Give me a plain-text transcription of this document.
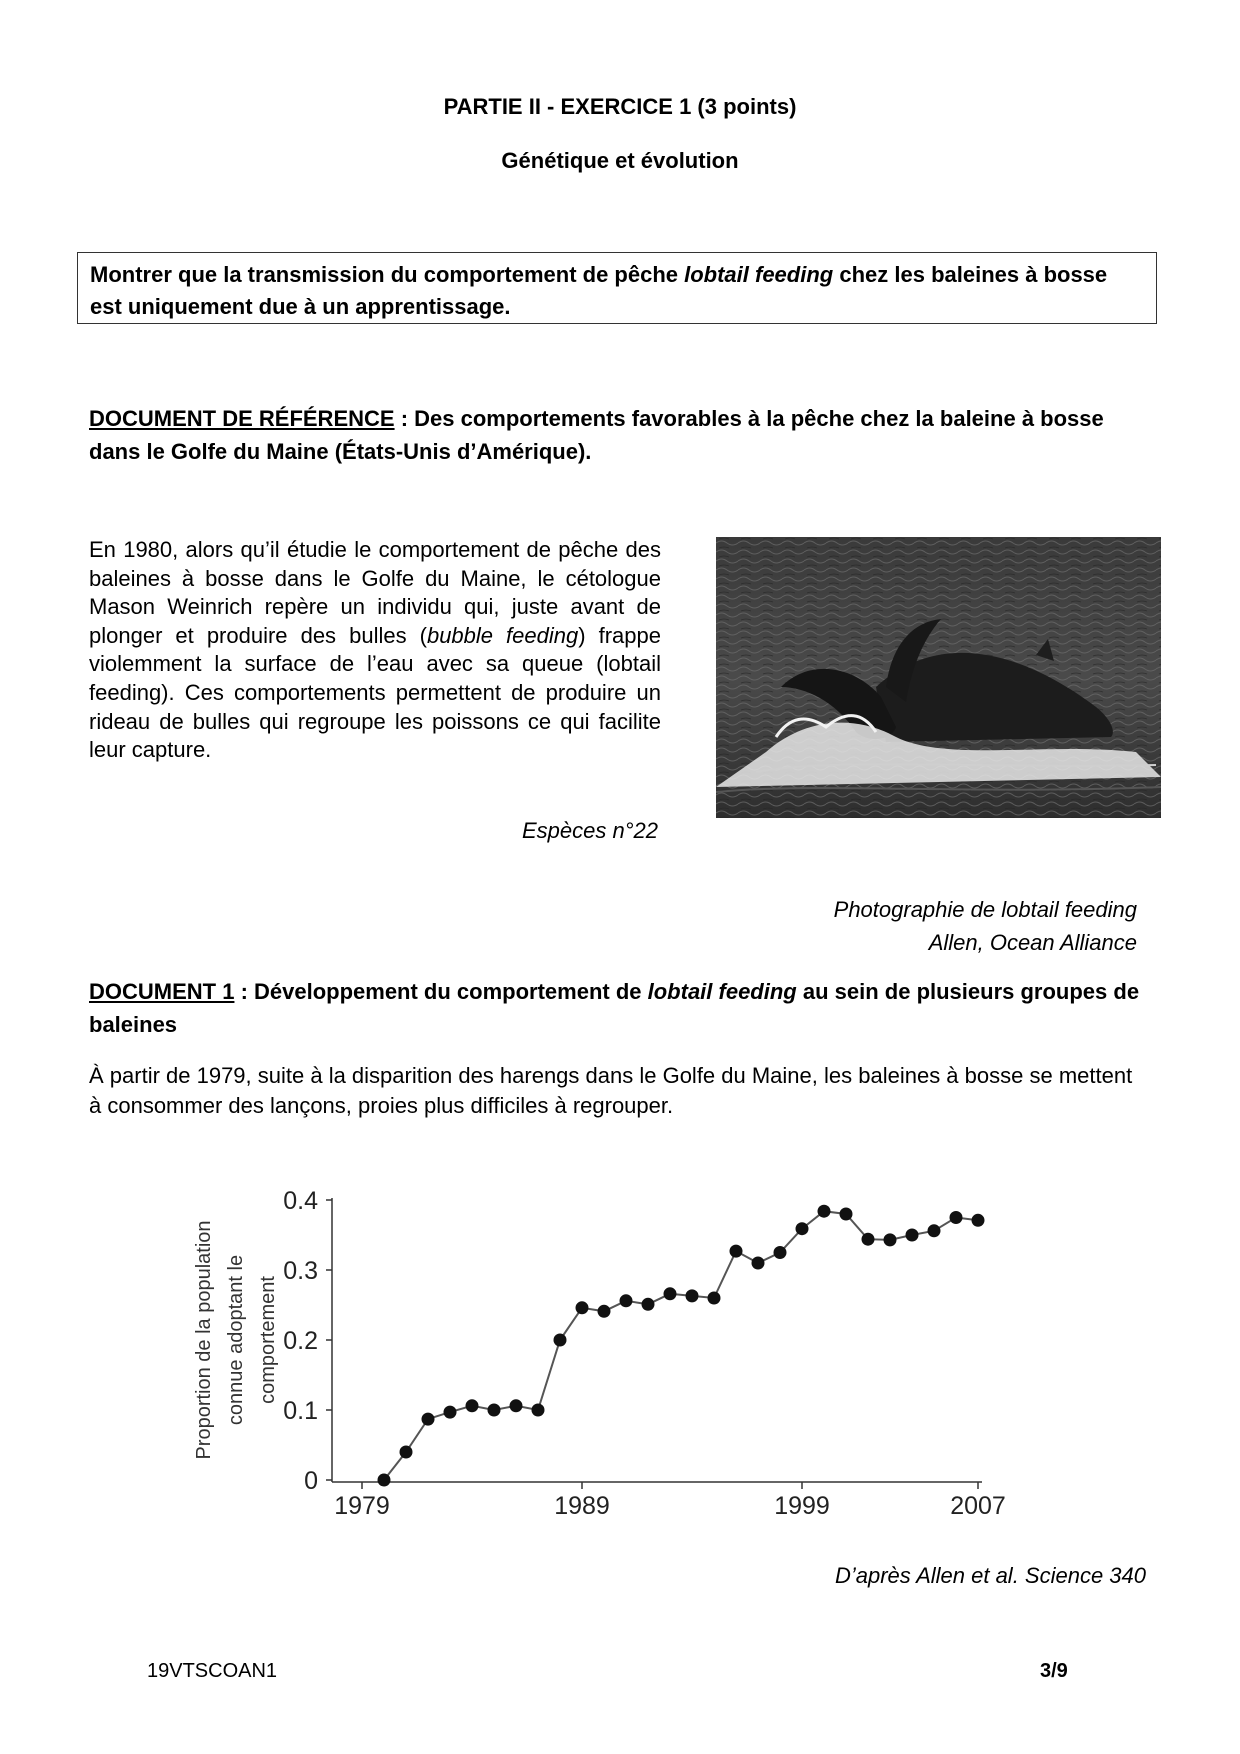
PARTIE II - EXERCICE 1 (3 points)
Génétique et évolution
Montrer que la transmission du comportement de pêche lobtail feeding chez les baleines à bosse est uniquement due à un apprentissage.
DOCUMENT DE RÉFÉRENCE : Des comportements favorables à la pêche chez la baleine à bosse dans le Golfe du Maine (États-Unis d’Amérique).
En 1980, alors qu’il étudie le comportement de pêche des baleines à bosse dans le Golfe du Maine, le cétologue Mason Weinrich repère un individu qui, juste avant de plonger et produire des bulles (bubble feeding) frappe violemment la surface de l’eau avec sa queue (lobtail feeding). Ces comportements permettent de produire un rideau de bulles qui regroupe les poissons ce qui facilite leur capture.
Espèces n°22
Photographie de lobtail feeding
Allen, Ocean Alliance
DOCUMENT 1 : Développement du comportement de lobtail feeding au sein de plusieurs groupes de baleines
À partir de 1979, suite à la disparition des harengs dans le Golfe du Maine, les baleines à bosse se mettent à consommer des lançons, proies plus difficiles à regrouper.
0
0.1
0.2
0.3
0.4
1979	1989	1999	2007
Proportion de la population connue adoptant le comportement
D’après Allen et al. Science 340
19VTSCOAN1	3/9
